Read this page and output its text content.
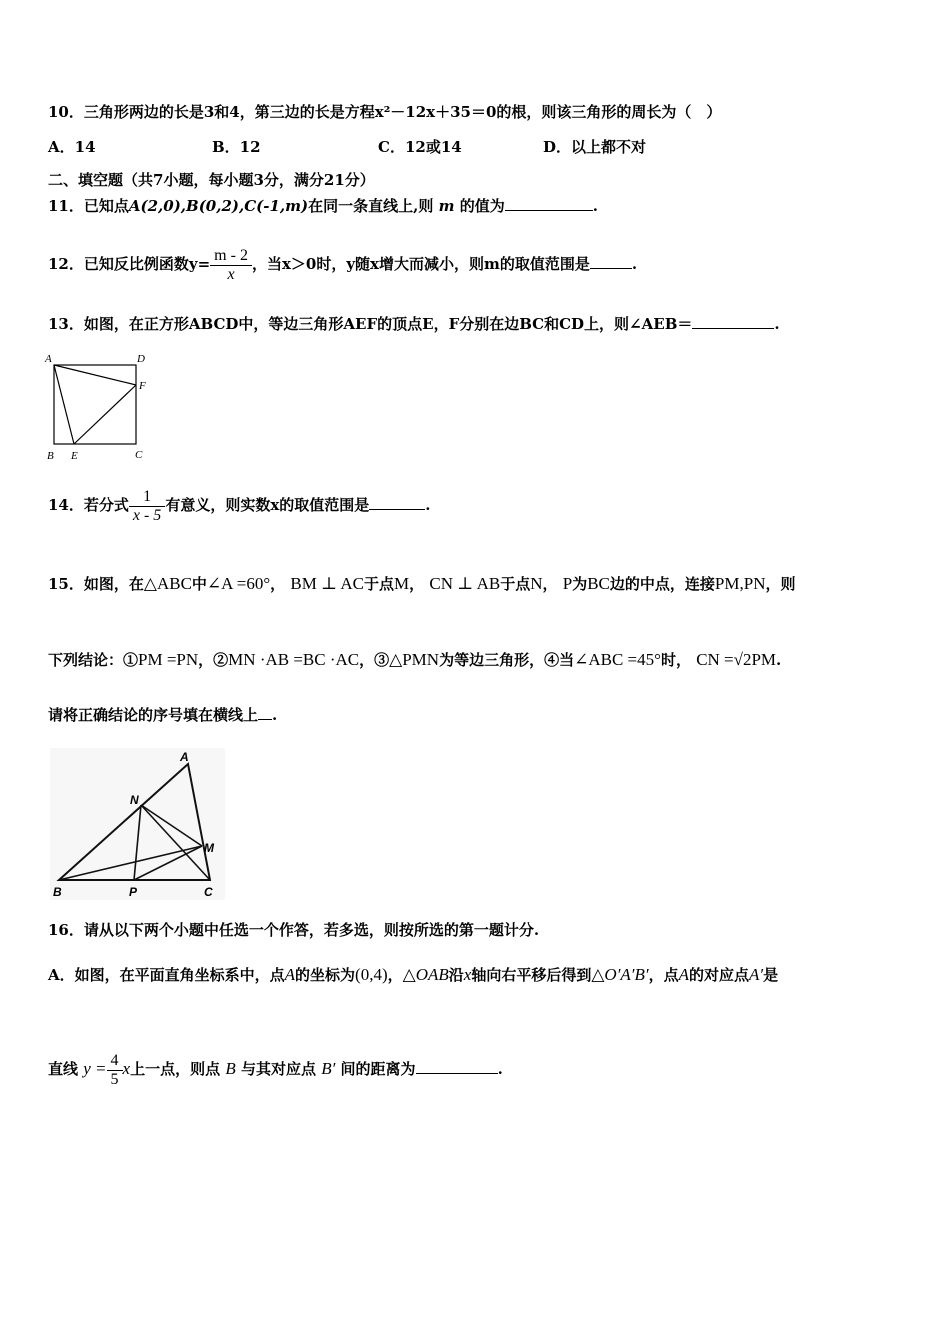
10．三角形两边的长是3和4，第三边的长是方程x²－12x＋35＝0的根，则该三角形的周长为（　）
A．14	B．12	C．12或14	D．以上都不对
二、填空题（共7小题，每小题3分，满分21分）
11．已知点A(2,0),B(0,2),C(-1,m)在同一条直线上,则 m 的值为	.
12．已知反比例函数$y= \frac{m - 2}{x}$ ，当x＞0时，y随x增大而减小，则m的取值范围是	.
13．如图，在正方形ABCD中，等边三角形AEF的顶点E，F分别在边BC和CD上，则∠AEB＝	.
A	D
F
B E	C
14．若分式 $\frac{1}{x - 5}$ 有意义，则实数x的取值范围是	.
15．如图，在△ABC中∠A =60°， BM ⊥ AC于点M， CN ⊥ AB于点N， P为BC边的中点，连接PM,PN，则
下列结论：①PM =PN，②MN ·AB =BC ·AC，③△PMN为等边三角形，④当∠ABC =45°时， CN =√2PM.
请将正确结论的序号填在横线上 .
A
N
M
B	P	C
16．请从以下两个小题中任选一个作答，若多选，则按所选的第一题计分.
A．如图，在平面直角坐标系中，点A的坐标为(0,4)，△OAB沿x轴向右平移后得到△O′A′B′，点A的对应点A′是
直线 $y = \frac{4}{5}$ x上一点，则点 B 与其对应点 B′ 间的距离为	.
